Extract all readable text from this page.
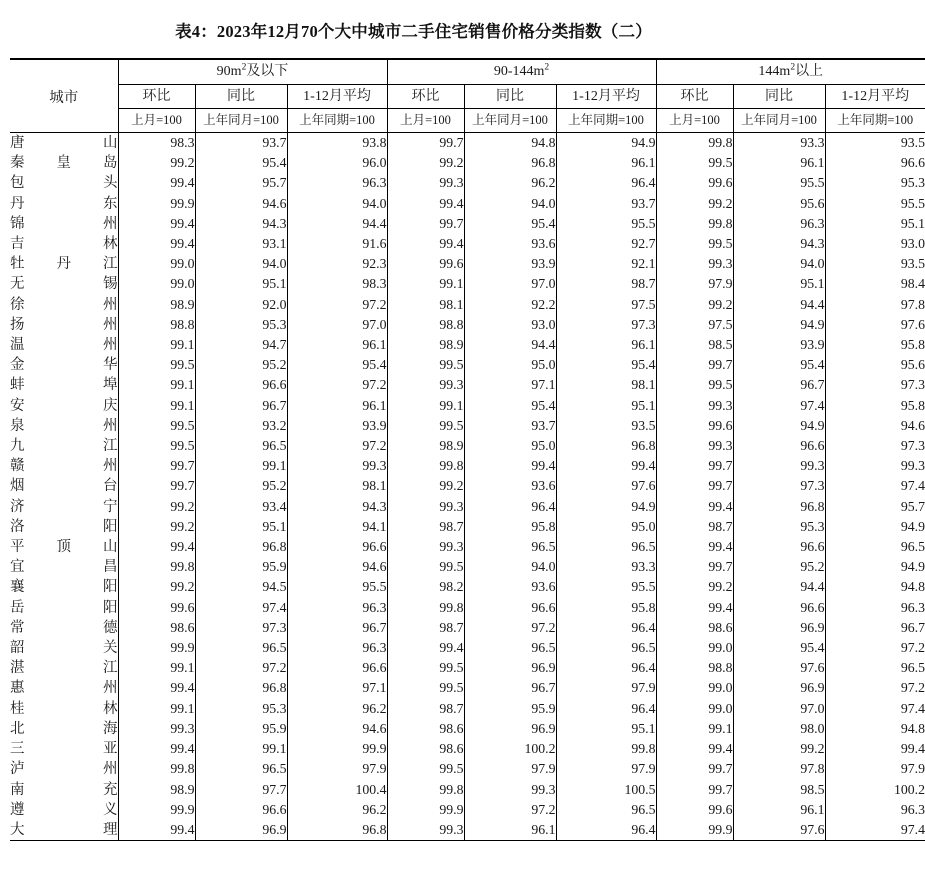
表4：2023年12月70个大中城市二手住宅销售价格分类指数（二）

城市	$90m^2$及以下			$90-144m^2$			$144m^2$以上		
	环比	同比	1-12月平均	环比	同比	1-12月平均	环比	同比	1-12月平均
	上月=100	上年同月=100	上年同期=100	上月=100	上年同月=100	上年同期=100	上月=100	上年同月=100	上年同期=100

唐山	98.3	93.7	93.8	99.7	94.8	94.9	99.8	93.3	93.5
秦皇岛	99.2	95.4	96.0	99.2	96.8	96.1	99.5	96.1	96.6
包头	99.4	95.7	96.3	99.3	96.2	96.4	99.6	95.5	95.3
丹东	99.9	94.6	94.0	99.4	94.0	93.7	99.2	95.6	95.5
锦州	99.4	94.3	94.4	99.7	95.4	95.5	99.8	96.3	95.1
吉林	99.4	93.1	91.6	99.4	93.6	92.7	99.5	94.3	93.0
牡丹江	99.0	94.0	92.3	99.6	93.9	92.1	99.3	94.0	93.5
无锡	99.0	95.1	98.3	99.1	97.0	98.7	97.9	95.1	98.4
徐州	98.9	92.0	97.2	98.1	92.2	97.5	99.2	94.4	97.8
扬州	98.8	95.3	97.0	98.8	93.0	97.3	97.5	94.9	97.6
温州	99.1	94.7	96.1	98.9	94.4	96.1	98.5	93.9	95.8
金华	99.5	95.2	95.4	99.5	95.0	95.4	99.7	95.4	95.6
蚌埠	99.1	96.6	97.2	99.3	97.1	98.1	99.5	96.7	97.3
安庆	99.1	96.7	96.1	99.1	95.4	95.1	99.3	97.4	95.8
泉州	99.5	93.2	93.9	99.5	93.7	93.5	99.6	94.9	94.6
九江	99.5	96.5	97.2	98.9	95.0	96.8	99.3	96.6	97.3
赣州	99.7	99.1	99.3	99.8	99.4	99.4	99.7	99.3	99.3
烟台	99.7	95.2	98.1	99.2	93.6	97.6	99.7	97.3	97.4
济宁	99.2	93.4	94.3	99.3	96.4	94.9	99.4	96.8	95.7
洛阳	99.2	95.1	94.1	98.7	95.8	95.0	98.7	95.3	94.9
平顶山	99.4	96.8	96.6	99.3	96.5	96.5	99.4	96.6	96.5
宜昌	99.8	95.9	94.6	99.5	94.0	93.3	99.7	95.2	94.9
襄阳	99.2	94.5	95.5	98.2	93.6	95.5	99.2	94.4	94.8
岳阳	99.6	97.4	96.3	99.8	96.6	95.8	99.4	96.6	96.3
常德	98.6	97.3	96.7	98.7	97.2	96.4	98.6	96.9	96.7
韶关	99.9	96.5	96.3	99.4	96.5	96.5	99.0	95.4	97.2
湛江	99.1	97.2	96.6	99.5	96.9	96.4	98.8	97.6	96.5
惠州	99.4	96.8	97.1	99.5	96.7	97.9	99.0	96.9	97.2
桂林	99.1	95.3	96.2	98.7	95.9	96.4	99.0	97.0	97.4
北海	99.3	95.9	94.6	98.6	96.9	95.1	99.1	98.0	94.8
三亚	99.4	99.1	99.9	98.6	100.2	99.8	99.4	99.2	99.4
泸州	99.8	96.5	97.9	99.5	97.9	97.9	99.7	97.8	97.9
南充	98.9	97.7	100.4	99.8	99.3	100.5	99.7	98.5	100.2
遵义	99.9	96.6	96.2	99.9	97.2	96.5	99.6	96.1	96.3
大理	99.4	96.9	96.8	99.3	96.1	96.4	99.9	97.6	97.4
